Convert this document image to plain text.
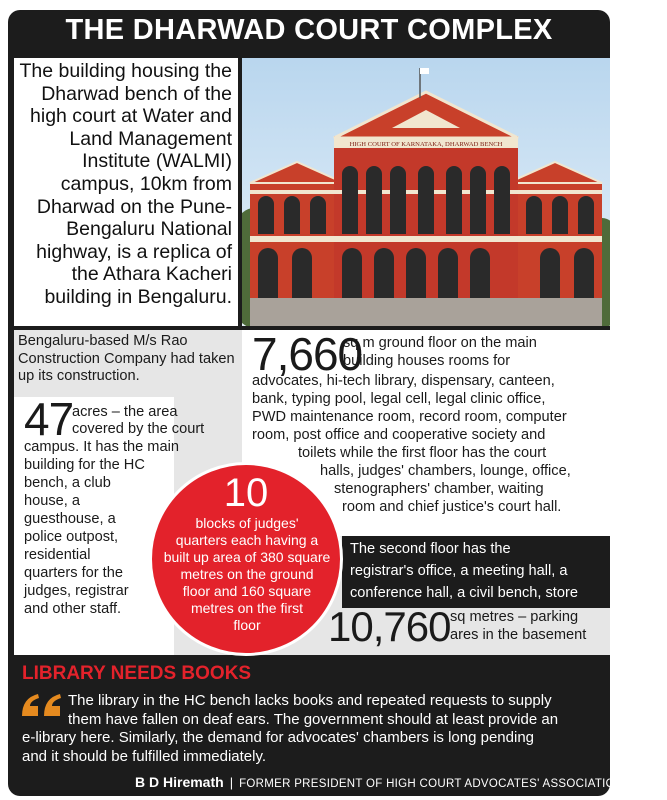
THE DHARWAD COURT COMPLEX

The building housing the Dharwad bench of the high court at Water and Land Management Institute (WALMI) campus, 10km from Dharwad on the Pune-Bengaluru National highway, is a replica of the Athara Kacheri building in Bengaluru.

HIGH COURT OF KARNATAKA, DHARWAD BENCH
Bengaluru-based M/s Rao Construction Company had taken up its construction.
47
acres – the area
covered by the court
campus. It has the main
building for the HC
bench, a club
house, a
guesthouse, a
police outpost,
residential
quarters for the
judges, registrar
and other staff.
7,660
sq m ground floor on the main
building houses rooms for
advocates, hi-tech library, dispensary, canteen,
bank, typing pool, legal cell, legal clinic office,
PWD maintenance room, record room, computer
room, post office and cooperative society and
toilets while the first floor has the court
halls, judges' chambers, lounge, office,
stenographers' chamber, waiting
room and chief justice's court hall.

The second floor has the

registrar's office, a meeting hall, a

conference hall, a civil bench, store

10,760 sq metres – parking
ares in the basement
10
blocks of judges'
quarters each having a
built up area of 380 square
metres on the ground
floor and 160 square
metres on the first
floor
LIBRARY NEEDS BOOKS
The library in the HC bench lacks books and repeated requests to supply
them have fallen on deaf ears. The government should at least provide an
e-library here. Similarly, the demand for advocates' chambers is long pending
and it should be fulfilled immediately.
B D Hiremath | FORMER PRESIDENT OF HIGH COURT ADVOCATES' ASSOCIATION
